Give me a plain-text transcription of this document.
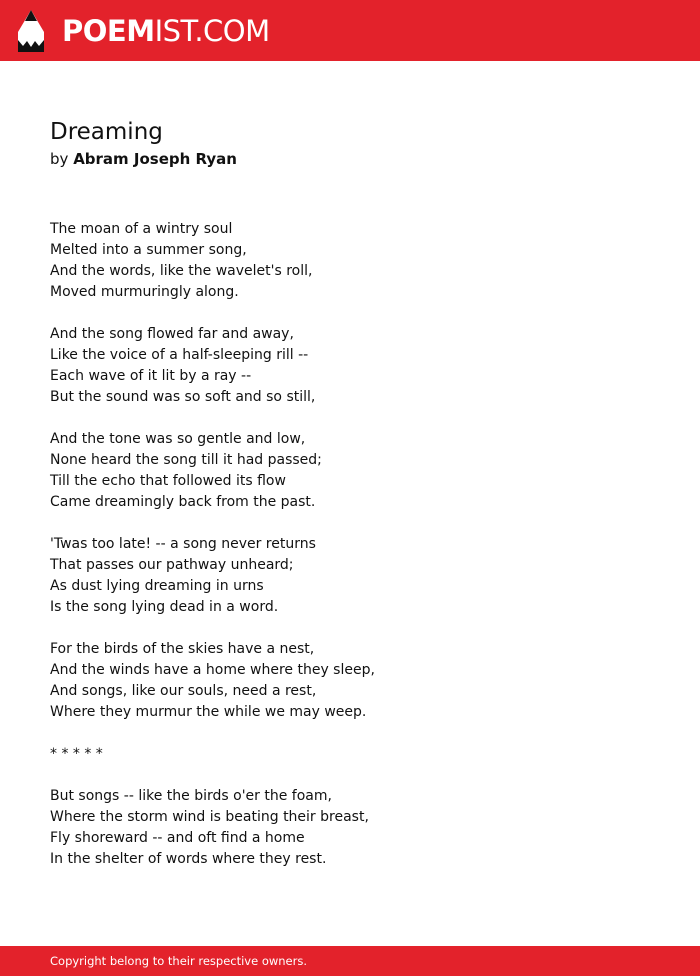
POEMIST.COM
Dreaming
by Abram Joseph Ryan
The moan of a wintry soul
Melted into a summer song,
And the words, like the wavelet's roll,
Moved murmuringly along.
And the song flowed far and away,
Like the voice of a half-sleeping rill --
Each wave of it lit by a ray --
But the sound was so soft and so still,
And the tone was so gentle and low,
None heard the song till it had passed;
Till the echo that followed its flow
Came dreamingly back from the past.
'Twas too late! -- a song never returns
That passes our pathway unheard;
As dust lying dreaming in urns
Is the song lying dead in a word.
For the birds of the skies have a nest,
And the winds have a home where they sleep,
And songs, like our souls, need a rest,
Where they murmur the while we may weep.
* * * * *
But songs -- like the birds o'er the foam,
Where the storm wind is beating their breast,
Fly shoreward -- and oft find a home
In the shelter of words where they rest.
Copyright belong to their respective owners.
